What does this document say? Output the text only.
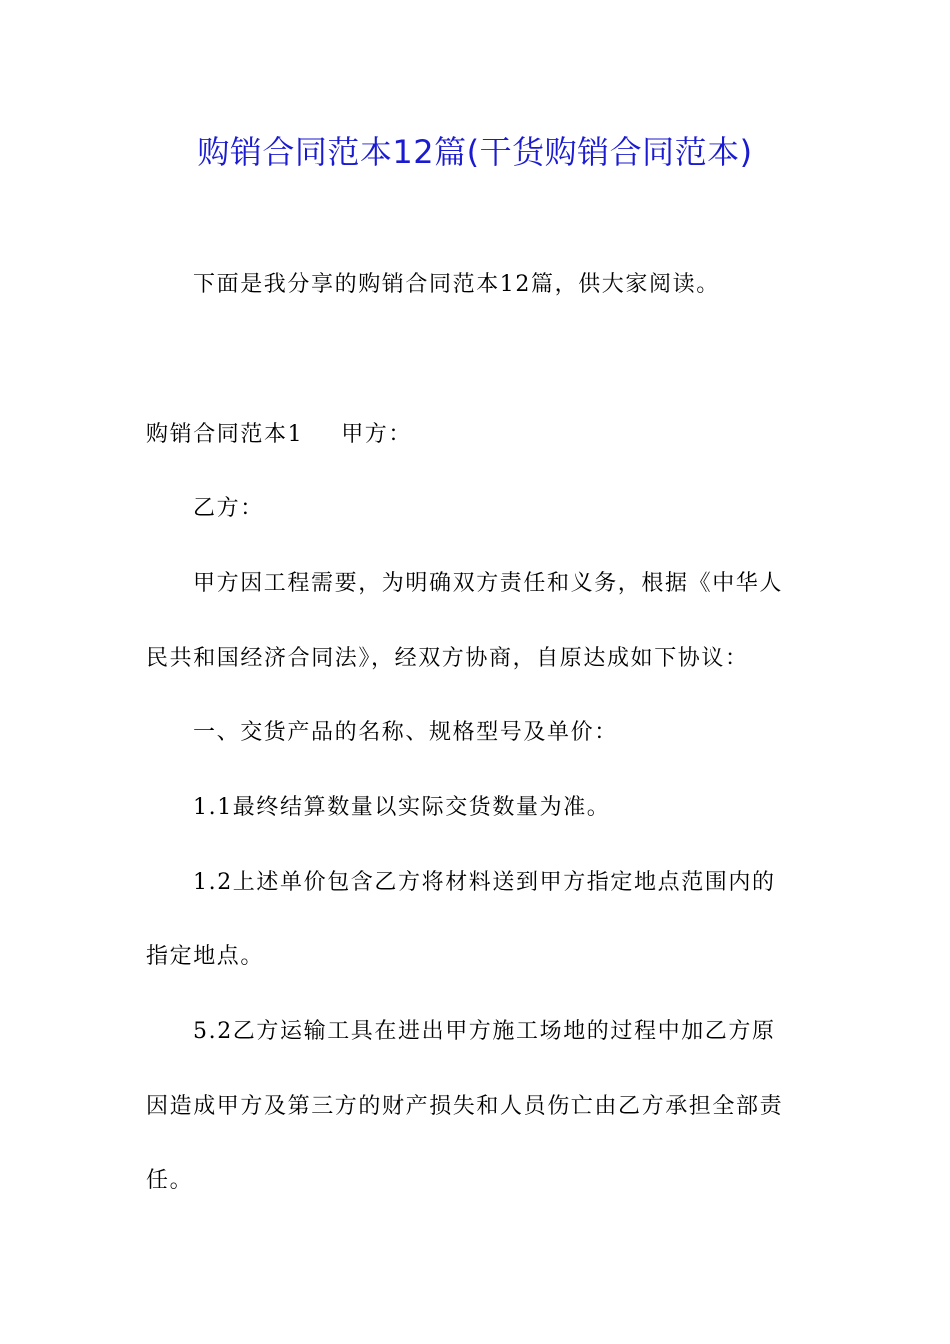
购销合同范本12篇(干货购销合同范本)
下面是我分享的购销合同范本12篇，供大家阅读。
购销合同范本1 甲方：
乙方：
甲方因工程需要，为明确双方责任和义务，根据《中华人
民共和国经济合同法》，经双方协商，自原达成如下协议：
一、交货产品的名称、规格型号及单价：
1.1最终结算数量以实际交货数量为准。
1.2上述单价包含乙方将材料送到甲方指定地点范围内的
指定地点。
5.2乙方运输工具在进出甲方施工场地的过程中加乙方原
因造成甲方及第三方的财产损失和人员伤亡由乙方承担全部责
任。
